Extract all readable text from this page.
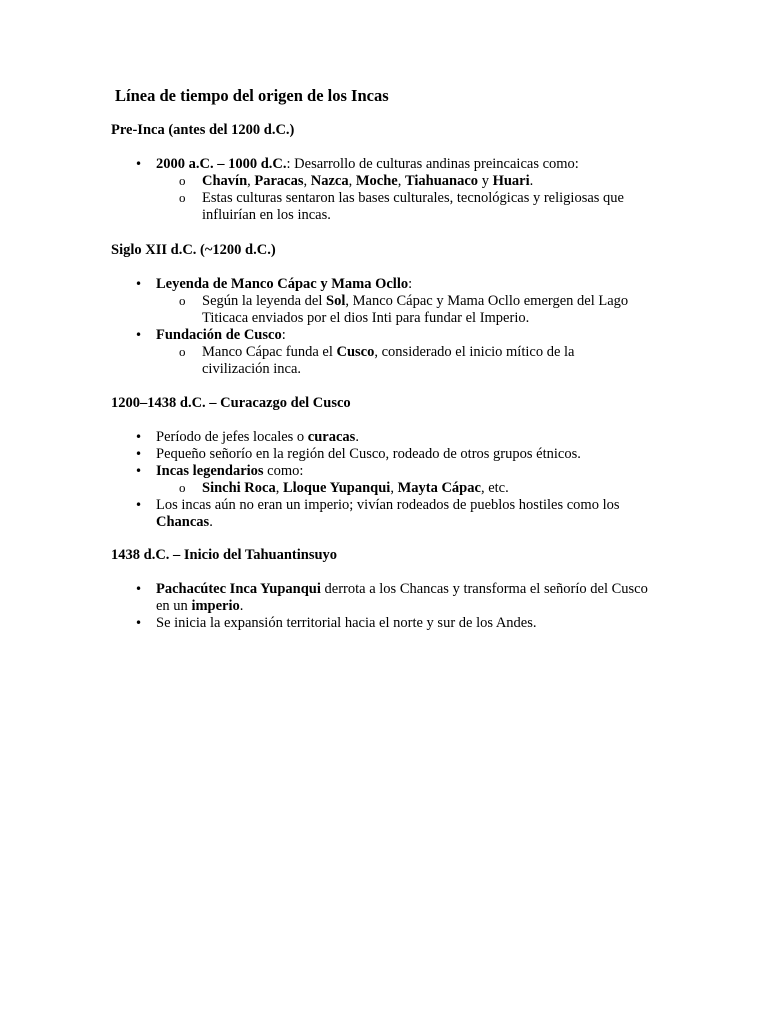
Línea de tiempo del origen de los Incas
Pre-Inca (antes del 1200 d.C.)
• 2000 a.C. – 1000 d.C.: Desarrollo de culturas andinas preincaicas como:
o Chavín, Paracas, Nazca, Moche, Tiahuanaco y Huari.
o Estas culturas sentaron las bases culturales, tecnológicas y religiosas que influirían en los incas.
Siglo XII d.C. (~1200 d.C.)
• Leyenda de Manco Cápac y Mama Ocllo:
o Según la leyenda del Sol, Manco Cápac y Mama Ocllo emergen del Lago Titicaca enviados por el dios Inti para fundar el Imperio.
• Fundación de Cusco:
o Manco Cápac funda el Cusco, considerado el inicio mítico de la civilización inca.
1200–1438 d.C. – Curacazgo del Cusco
• Período de jefes locales o curacas.
• Pequeño señorío en la región del Cusco, rodeado de otros grupos étnicos.
• Incas legendarios como:
o Sinchi Roca, Lloque Yupanqui, Mayta Cápac, etc.
• Los incas aún no eran un imperio; vivían rodeados de pueblos hostiles como los Chancas.
1438 d.C. – Inicio del Tahuantinsuyo
• Pachacútec Inca Yupanqui derrota a los Chancas y transforma el señorío del Cusco en un imperio.
• Se inicia la expansión territorial hacia el norte y sur de los Andes.
